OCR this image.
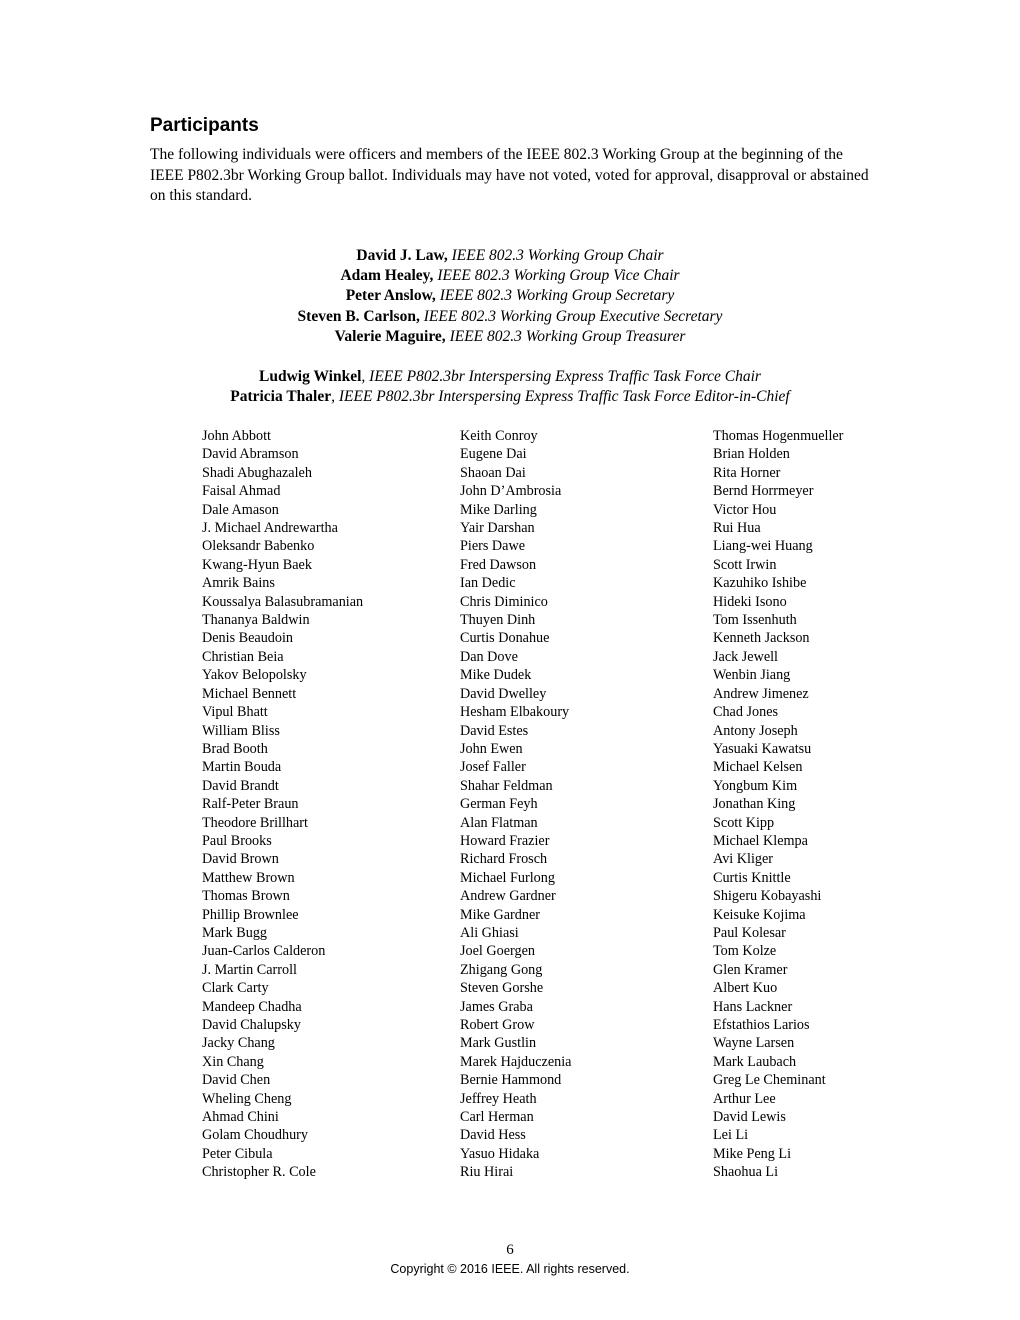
Participants

The following individuals were officers and members of the IEEE 802.3 Working Group at the beginning of the IEEE P802.3br Working Group ballot. Individuals may have not voted, voted for approval, disapproval or abstained on this standard.

David J. Law, IEEE 802.3 Working Group Chair
Adam Healey, IEEE 802.3 Working Group Vice Chair
Peter Anslow, IEEE 802.3 Working Group Secretary
Steven B. Carlson, IEEE 802.3 Working Group Executive Secretary
Valerie Maguire, IEEE 802.3 Working Group Treasurer
Ludwig Winkel, IEEE P802.3br Interspersing Express Traffic Task Force Chair
Patricia Thaler, IEEE P802.3br Interspersing Express Traffic Task Force Editor-in-Chief
John Abbott
David Abramson
Shadi Abughazaleh
Faisal Ahmad
Dale Amason
J. Michael Andrewartha
Oleksandr Babenko
Kwang-Hyun Baek
Amrik Bains
Koussalya Balasubramanian
Thananya Baldwin
Denis Beaudoin
Christian Beia
Yakov Belopolsky
Michael Bennett
Vipul Bhatt
William Bliss
Brad Booth
Martin Bouda
David Brandt
Ralf-Peter Braun
Theodore Brillhart
Paul Brooks
David Brown
Matthew Brown
Thomas Brown
Phillip Brownlee
Mark Bugg
Juan-Carlos Calderon
J. Martin Carroll
Clark Carty
Mandeep Chadha
David Chalupsky
Jacky Chang
Xin Chang
David Chen
Wheling Cheng
Ahmad Chini
Golam Choudhury
Peter Cibula
Christopher R. Cole
Keith Conroy
Eugene Dai
Shaoan Dai
John D’Ambrosia
Mike Darling
Yair Darshan
Piers Dawe
Fred Dawson
Ian Dedic
Chris Diminico
Thuyen Dinh
Curtis Donahue
Dan Dove
Mike Dudek
David Dwelley
Hesham Elbakoury
David Estes
John Ewen
Josef Faller
Shahar Feldman
German Feyh
Alan Flatman
Howard Frazier
Richard Frosch
Michael Furlong
Andrew Gardner
Mike Gardner
Ali Ghiasi
Joel Goergen
Zhigang Gong
Steven Gorshe
James Graba
Robert Grow
Mark Gustlin
Marek Hajduczenia
Bernie Hammond
Jeffrey Heath
Carl Herman
David Hess
Yasuo Hidaka
Riu Hirai
Thomas Hogenmueller
Brian Holden
Rita Horner
Bernd Horrmeyer
Victor Hou
Rui Hua
Liang-wei Huang
Scott Irwin
Kazuhiko Ishibe
Hideki Isono
Tom Issenhuth
Kenneth Jackson
Jack Jewell
Wenbin Jiang
Andrew Jimenez
Chad Jones
Antony Joseph
Yasuaki Kawatsu
Michael Kelsen
Yongbum Kim
Jonathan King
Scott Kipp
Michael Klempa
Avi Kliger
Curtis Knittle
Shigeru Kobayashi
Keisuke Kojima
Paul Kolesar
Tom Kolze
Glen Kramer
Albert Kuo
Hans Lackner
Efstathios Larios
Wayne Larsen
Mark Laubach
Greg Le Cheminant
Arthur Lee
David Lewis
Lei Li
Mike Peng Li
Shaohua Li
6
Copyright © 2016 IEEE. All rights reserved.
